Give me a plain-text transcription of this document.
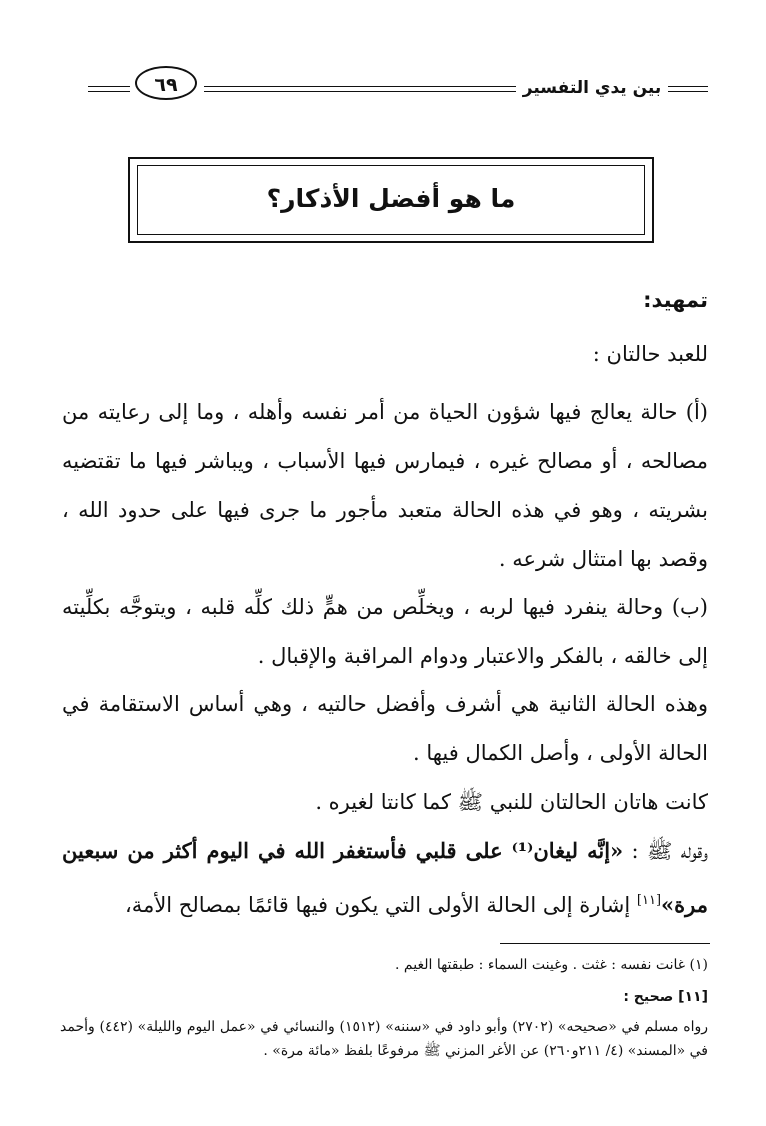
بين يدي التفسير
٦٩
ما هو أفضل الأذكار؟
تمهيد:
للعبد حالتان :
(أ) حالة يعالج فيها شؤون الحياة من أمر نفسه وأهله ، وما إلى رعايته من مصالحه ، أو مصالح غيره ، فيمارس فيها الأسباب ، ويباشر فيها ما تقتضيه بشريته ، وهو في هذه الحالة متعبد مأجور ما جرى فيها على حدود الله ، وقصد بها امتثال شرعه .
(ب) وحالة ينفرد فيها لربه ، ويخلِّص من همٍّ ذلك كلِّه قلبه ، ويتوجَّه بكلِّيته إلى خالقه ، بالفكر والاعتبار ودوام المراقبة والإقبال .
وهذه الحالة الثانية هي أشرف وأفضل حالتيه ، وهي أساس الاستقامة في الحالة الأولى ، وأصل الكمال فيها .
كانت هاتان الحالتان للنبي ﷺ كما كانتا لغيره .
وقوله ﷺ : «إنَّه ليغان⁽¹⁾ على قلبي فأستغفر الله في اليوم أكثر من سبعين مرة»[١١] إشارة إلى الحالة الأولى التي يكون فيها قائمًا بمصالح الأمة،
(١) غانت نفسه : غثت . وغينت السماء : طبقتها الغيم .
[١١] صحيح :
رواه مسلم في «صحيحه» (٢٧٠٢) وأبو داود في «سننه» (١٥١٢) والنسائي في «عمل اليوم والليلة» (٤٤٢) وأحمد في «المسند» (٤/ ٢١١و٢٦٠) عن الأغر المزني ﷺ مرفوعًا بلفظ «مائة مرة» .
